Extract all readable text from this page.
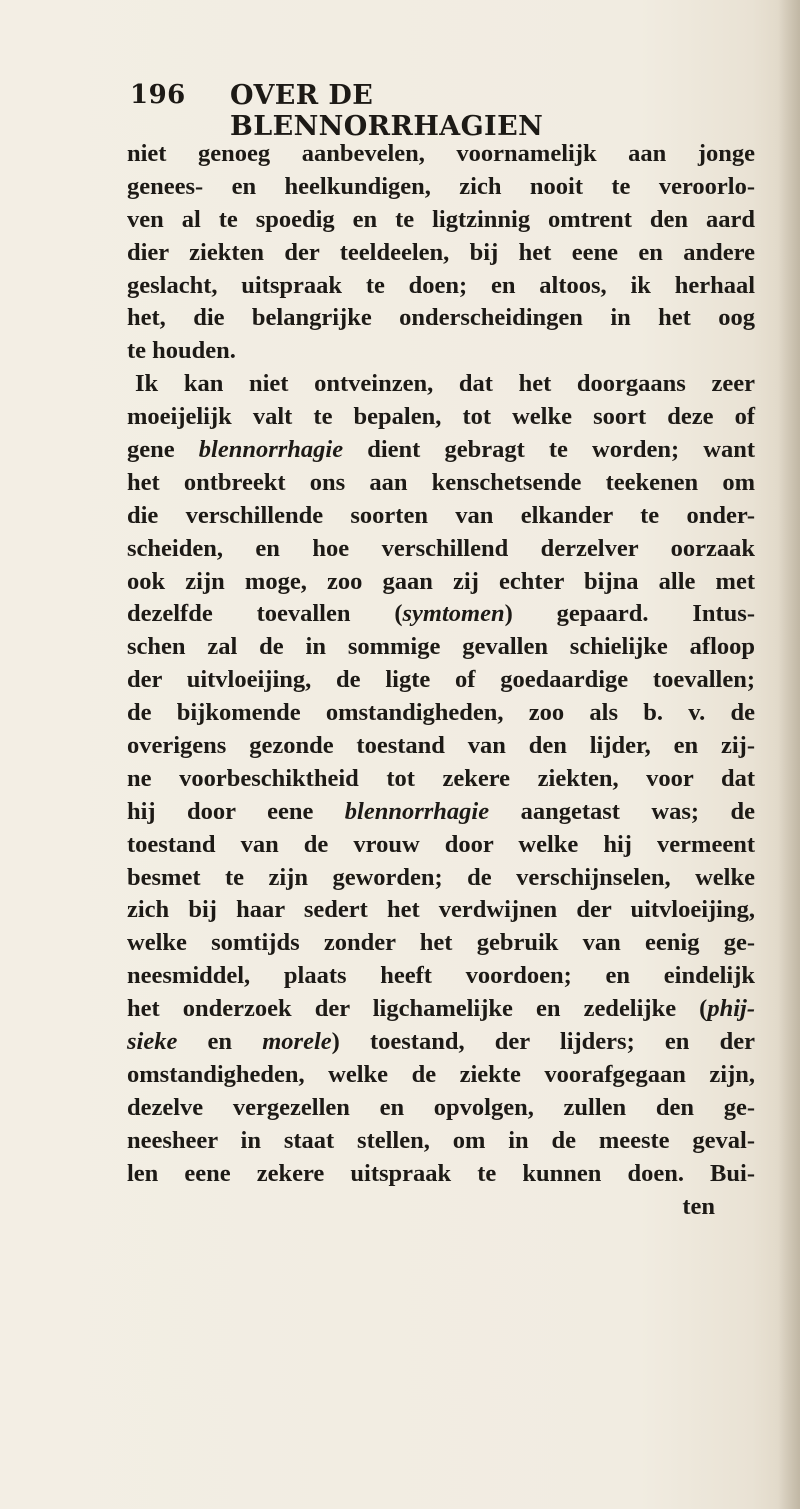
196 OVER DE BLENNORRHAGIEN
niet genoeg aanbevelen, voornamelijk aan jonge
genees- en heelkundigen, zich nooit te veroorlo-
ven al te spoedig en te ligtzinnig omtrent den aard
dier ziekten der teeldeelen, bij het eene en andere
geslacht, uitspraak te doen; en altoos, ik herhaal
het, die belangrijke onderscheidingen in het oog
te houden.
Ik kan niet ontveinzen, dat het doorgaans zeer
moeijelijk valt te bepalen, tot welke soort deze of
gene blennorrhagie dient gebragt te worden; want
het ontbreekt ons aan kenschetsende teekenen om
die verschillende soorten van elkander te onder-
scheiden, en hoe verschillend derzelver oorzaak
ook zijn moge, zoo gaan zij echter bijna alle met
dezelfde toevallen (symtomen) gepaard. Intus-
schen zal de in sommige gevallen schielijke afloop
der uitvloeijing, de ligte of goedaardige toevallen;
de bijkomende omstandigheden, zoo als b. v. de
overigens gezonde toestand van den lijder, en zij-
ne voorbeschiktheid tot zekere ziekten, voor dat
hij door eene blennorrhagie aangetast was; de
toestand van de vrouw door welke hij vermeent
besmet te zijn geworden; de verschijnselen, welke
zich bij haar sedert het verdwijnen der uitvloeijing,
welke somtijds zonder het gebruik van eenig ge-
neesmiddel, plaats heeft voordoen; en eindelijk
het onderzoek der ligchamelijke en zedelijke (phij-
sieke en morele) toestand, der lijders; en der
omstandigheden, welke de ziekte voorafgegaan zijn,
dezelve vergezellen en opvolgen, zullen den ge-
neesheer in staat stellen, om in de meeste geval-
len eene zekere uitspraak te kunnen doen. Bui-
ten
